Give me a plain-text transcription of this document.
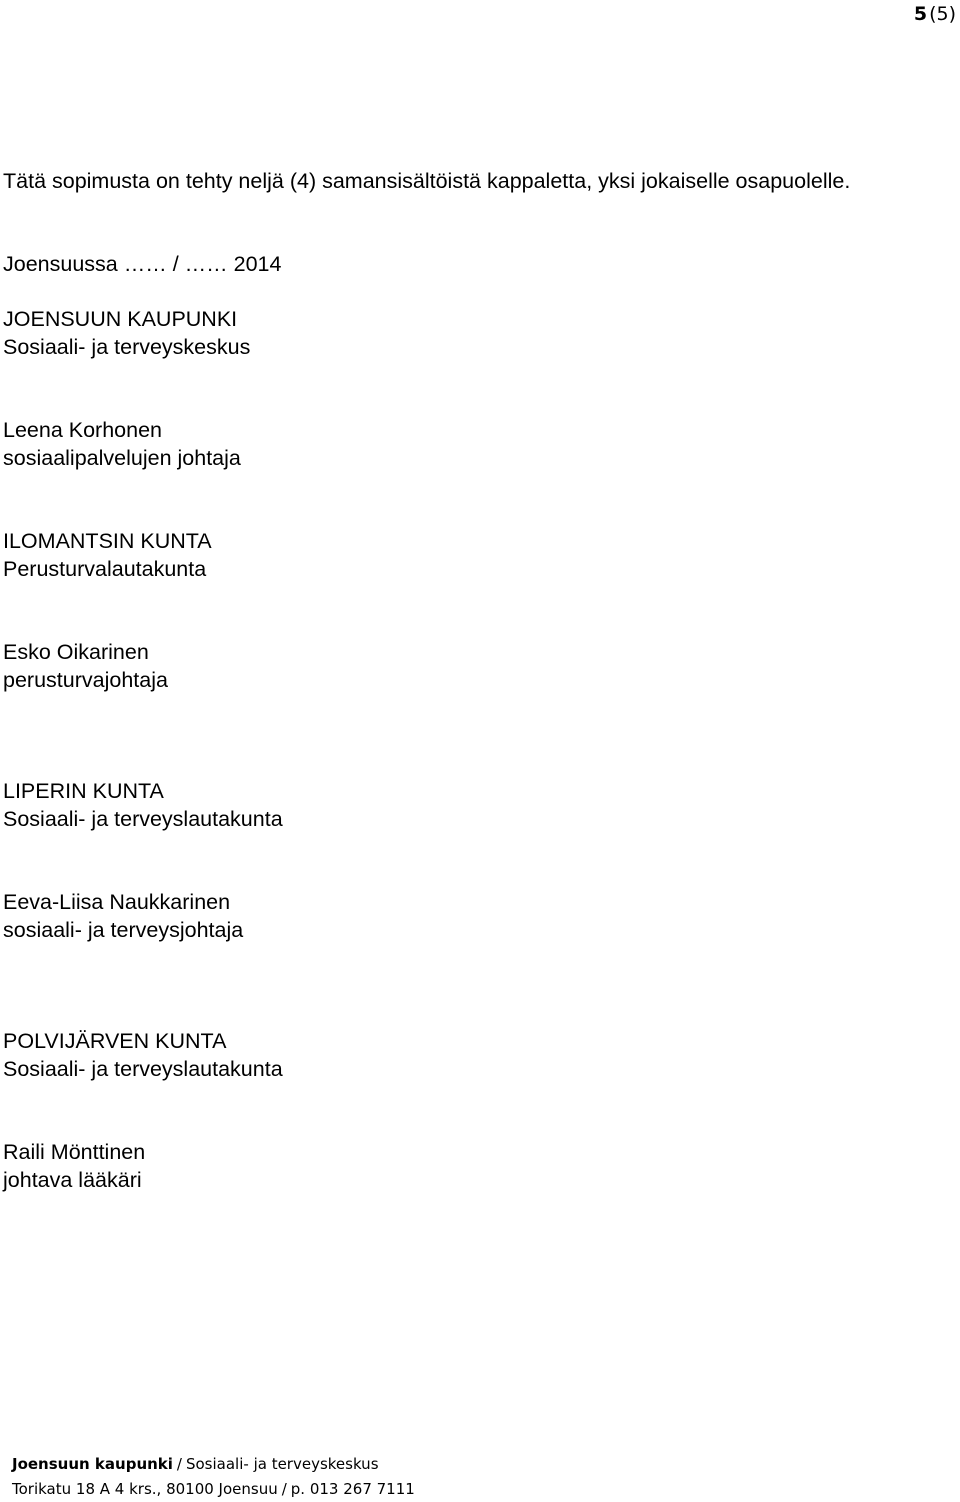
5 (5)
Tätä sopimusta on tehty neljä (4) samansisältöistä kappaletta, yksi jokaiselle osapuolelle.
Joensuussa …… / …… 2014
JOENSUUN KAUPUNKI
Sosiaali- ja terveyskeskus
Leena Korhonen
sosiaalipalvelujen johtaja
ILOMANTSIN KUNTA
Perusturvalautakunta
Esko Oikarinen
perusturvajohtaja
LIPERIN KUNTA
Sosiaali- ja terveyslautakunta
Eeva-Liisa Naukkarinen
sosiaali- ja terveysjohtaja
POLVIJÄRVEN KUNTA
Sosiaali- ja terveyslautakunta
Raili Mönttinen
johtava lääkäri
Joensuun kaupunki / Sosiaali- ja terveyskeskus
Torikatu 18 A 4 krs., 80100 Joensuu / p. 013 267 7111
